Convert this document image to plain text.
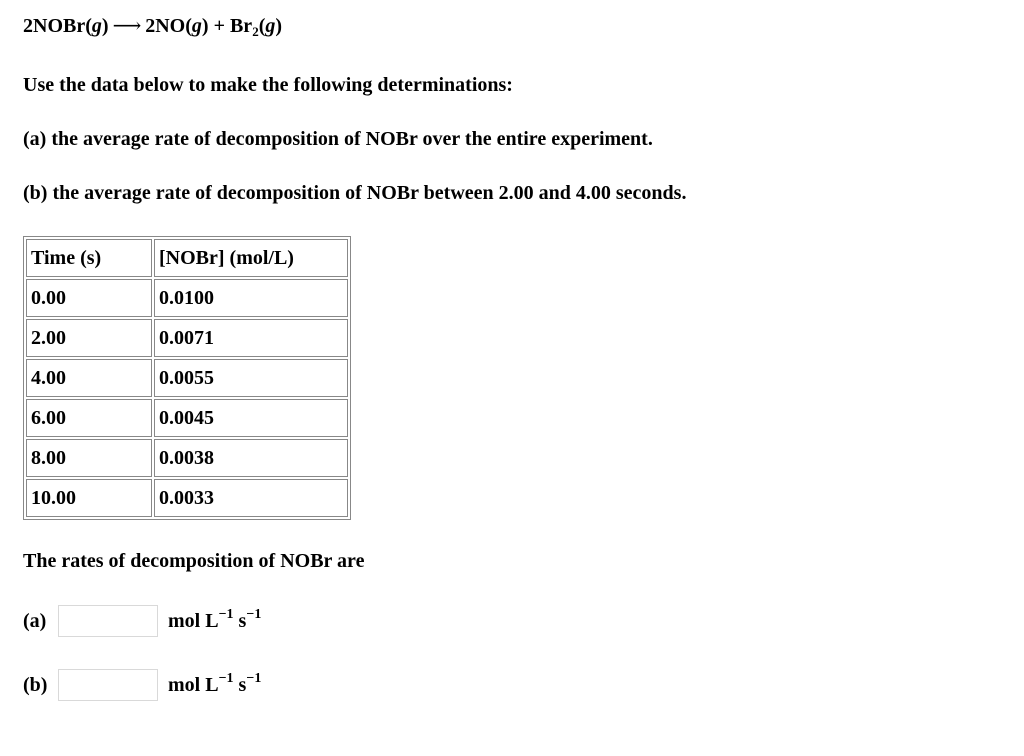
2NOBr(g) ⟶ $2NO(g) + Br_2(g)$
Use the data below to make the following determinations:
(a) the average rate of decomposition of NOBr over the entire experiment.
(b) the average rate of decomposition of NOBr between 2.00 and 4.00 seconds.
Time (s)	[NOBr] (mol/L)
0.00	0.0100
2.00	0.0071
4.00	0.0055
6.00	0.0045
8.00	0.0038
10.00	0.0033
The rates of decomposition of NOBr are
(a)	mol $L^{-1}$ $s^{-1}$
(b)	mol $L^{-1}$ $s^{-1}$
